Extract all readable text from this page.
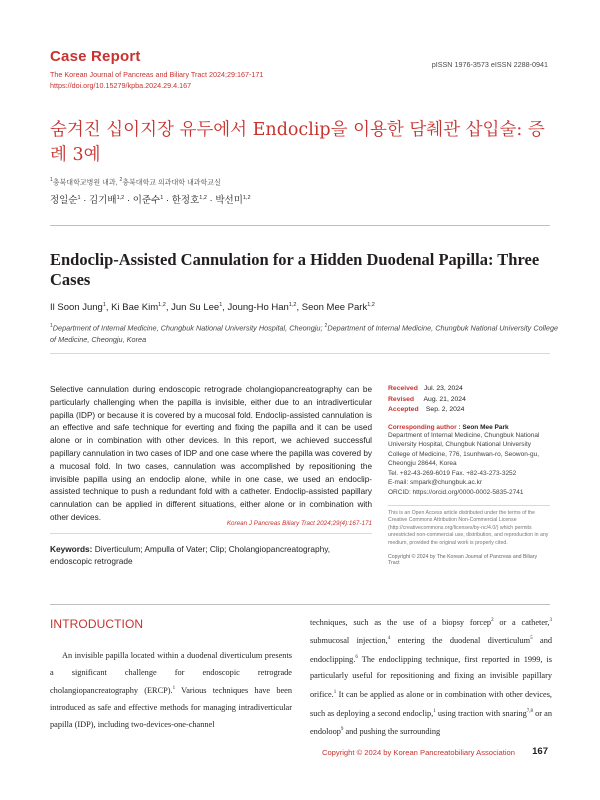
Case Report
The Korean Journal of Pancreas and Biliary Tract 2024;29:167-171
https://doi.org/10.15279/kpba.2024.29.4.167
pISSN 1976-3573 eISSN 2288-0941
숨겨진 십이지장 유두에서 Endoclip을 이용한 담췌관 삽입술: 증례 3예
$^1$충북대학교병원 내과, $^2$충북대학교 의과대학 내과학교실
정일순$^1$ · 김기배$^{1,2}$ · 이준수$^1$ · 한정호$^{1,2}$ · 박선미$^{1,2}$
Endoclip-Assisted Cannulation for a Hidden Duodenal Papilla: Three Cases
Il Soon Jung$^1$, Ki Bae Kim$^{1,2}$, Jun Su Lee$^1$, Joung-Ho Han$^{1,2}$, Seon Mee Park$^{1,2}$
$^1$Department of Internal Medicine, Chungbuk National University Hospital, Cheongju; $^2$Department of Internal Medicine, Chungbuk National University College of Medicine, Cheongju, Korea
Selective cannulation during endoscopic retrograde cholangiopancreatography can be particularly challenging when the papilla is invisible, either due to an intradiverticular papilla (IDP) or because it is covered by a mucosal fold. Endoclip-assisted cannulation is an effective and safe technique for everting and fixing the papilla and it can be used alone or in combination with other devices. In this report, we achieved successful papillary cannulation in two cases of IDP and one case where the papilla was covered by a mucosal fold. In two cases, cannulation was accomplished by repositioning the invisible papilla using an endoclip alone, while in one case, we used an endoclip-assisted technique to push a redundant fold with a catheter. Endoclip-assisted papillary cannulation can be applied in different situations, either alone or in combination with other devices.
Korean J Pancreas Biliary Tract 2024;29(4):167-171
Keywords: Diverticulum; Ampulla of Vater; Clip; Cholangiopancreatography, endoscopic retrograde
Received Jul. 23, 2024
Revised Aug. 21, 2024
Accepted Sep. 2, 2024
Corresponding author : Seon Mee Park
Department of Internal Medicine, Chungbuk National University Hospital, Chungbuk National University College of Medicine, 776, 1sunhwan-ro, Seowon-gu, Cheongju 28644, Korea
Tel. +82-43-269-6019 Fax. +82-43-273-3252
E-mail: smpark@chungbuk.ac.kr
ORCID: https://orcid.org/0000-0002-5835-2741
This is an Open Access article distributed under the terms of the Creative Commons Attribution Non-Commercial License (http://creativecommons.org/licenses/by-nc/4.0/) which permits unrestricted non-commercial use, distribution, and reproduction in any medium, provided the original work is properly cited.
Copyright © 2024 by The Korean Journal of Pancreas and Biliary Tract
INTRODUCTION
An invisible papilla located within a duodenal diverticulum presents a significant challenge for endoscopic retrograde cholangiopancreatography (ERCP).$^1$ Various techniques have been introduced as safe and effective methods for managing intradiverticular papilla (IDP), including two-devices-one-channel
techniques, such as the use of a biopsy forcep$^2$ or a catheter,$^3$ submucosal injection,$^4$ entering the duodenal diverticulum$^5$ and endoclipping.$^6$ The endoclipping technique, first reported in 1999, is particularly useful for repositioning and fixing an invisible papillary orifice.$^1$ It can be applied as alone or in combination with other devices, such as deploying a second endoclip,$^1$ using traction with snaring$^{7,8}$ or an endoloop$^9$ and pushing the surrounding
Copyright © 2024 by Korean Pancreatobiliary Association 167
